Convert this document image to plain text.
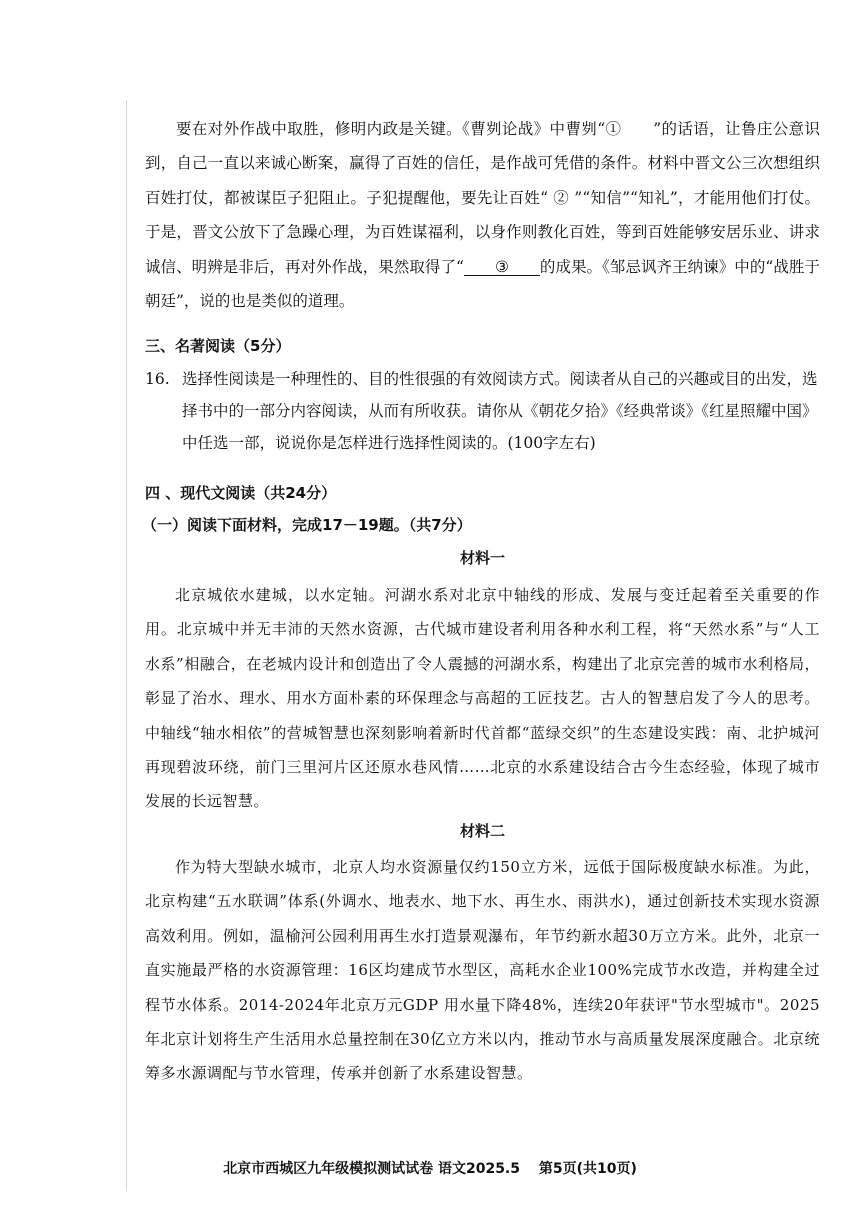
要在对外作战中取胜，修明内政是关键。《曹刿论战》中曹刿“①　　”的话语，让鲁庄公意识到，自己一直以来诚心断案，赢得了百姓的信任，是作战可凭借的条件。材料中晋文公三次想组织百姓打仗，都被谋臣子犯阻止。子犯提醒他，要先让百姓“ ② ”“知信”“知礼”，才能用他们打仗。于是，晋文公放下了急躁心理，为百姓谋福利，以身作则教化百姓，等到百姓能够安居乐业、讲求诚信、明辨是非后，再对外作战，果然取得了“ ③　　 的成果。《邹忌讽齐王纳谏》中的“战胜于朝廷”，说的也是类似的道理。

三、名著阅读（5分）

16. 选择性阅读是一种理性的、目的性很强的有效阅读方式。阅读者从自己的兴趣或目的出发，选择书中的一部分内容阅读，从而有所收获。请你从《朝花夕拾》《经典常谈》《红星照耀中国》中任选一部，说说你是怎样进行选择性阅读的。(100字左右)

四 、现代文阅读（共24分）

（一）阅读下面材料，完成17－19题。（共7分）

材料一

北京城依水建城，以水定轴。河湖水系对北京中轴线的形成、发展与变迁起着至关重要的作用。北京城中并无丰沛的天然水资源，古代城市建设者利用各种水利工程，将“天然水系”与“人工水系”相融合，在老城内设计和创造出了令人震撼的河湖水系，构建出了北京完善的城市水利格局，彰显了治水、理水、用水方面朴素的环保理念与高超的工匠技艺。古人的智慧启发了今人的思考。中轴线“轴水相依”的营城智慧也深刻影响着新时代首都“蓝绿交织”的生态建设实践：南、北护城河再现碧波环绕，前门三里河片区还原水巷风情……北京的水系建设结合古今生态经验，体现了城市发展的长远智慧。

材料二

作为特大型缺水城市，北京人均水资源量仅约150立方米，远低于国际极度缺水标准。为此，北京构建“五水联调”体系(外调水、地表水、地下水、再生水、雨洪水)，通过创新技术实现水资源高效利用。例如，温榆河公园利用再生水打造景观瀑布，年节约新水超30万立方米。此外，北京一直实施最严格的水资源管理：16区均建成节水型区，高耗水企业100%完成节水改造，并构建全过程节水体系。2014-2024年北京万元GDP 用水量下降48%，连续20年获评"节水型城市"。2025年北京计划将生产生活用水总量控制在30亿立方米以内，推动节水与高质量发展深度融合。北京统筹多水源调配与节水管理，传承并创新了水系建设智慧。

北京市西城区九年级模拟测试试卷 语文2025.5　 第5页(共10页)
